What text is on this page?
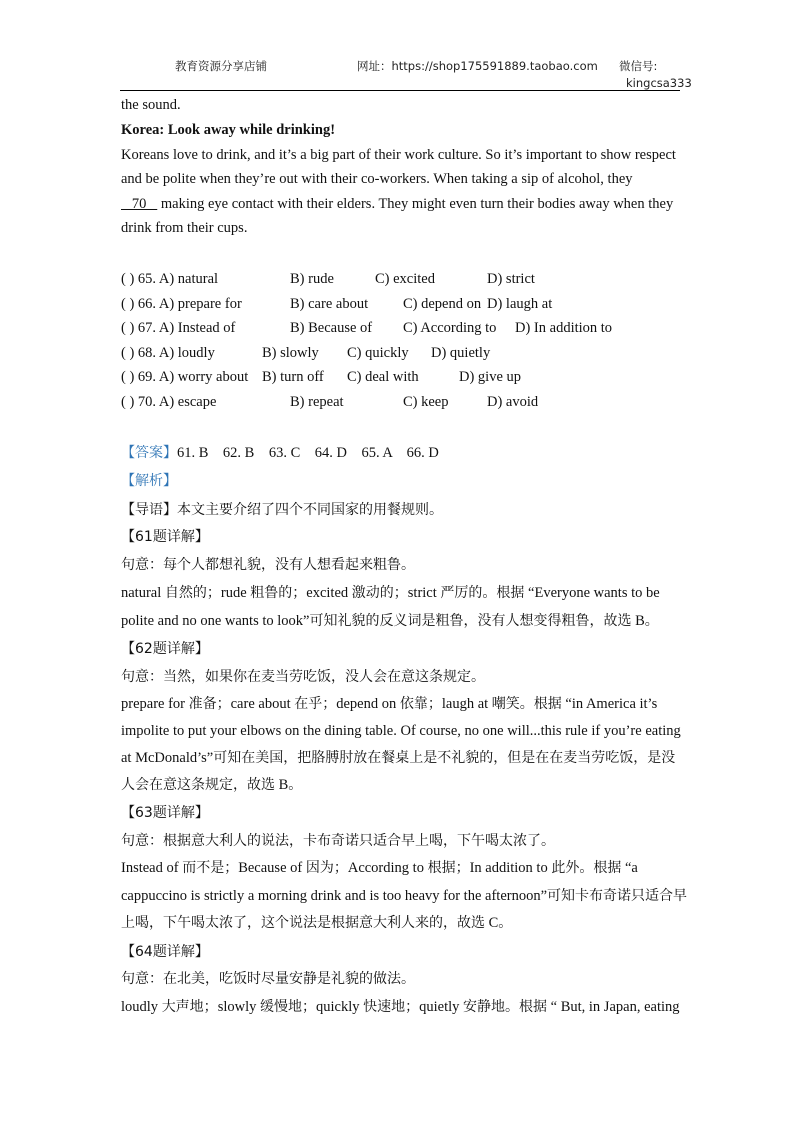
教育资源分享店铺	网址：https://shop175591889.taobao.com 微信号:
kingcsa333
the sound.
Korea: Look away while drinking!
Koreans love to drink, and it’s a big part of their work culture. So it’s important to show respect
and be polite when they’re out with their co-workers. When taking a sip of alcohol, they
70    making eye contact with their elders. They might even turn their bodies away when they
drink from their cups.
( ) 65. A) natural	B) rude	C) excited	D) strict
( ) 66. A) prepare for	B) care about C) depend on D) laugh at
( ) 67. A) Instead of	B) Because of C) According to D) In addition to
( ) 68. A) loudly	B) slowly C) quickly D) quietly
( ) 69. A) worry about B) turn off C) deal with	D) give up
( ) 70. A) escape	B) repeat	C) keep	D) avoid
【答案】61. B    62. B    63. C    64. D    65. A    66. D
【解析】
【导语】本文主要介绍了四个不同国家的用餐规则。
【61题详解】
句意：每个人都想礼貌，没有人想看起来粗鲁。
natural 自然的；rude 粗鲁的；excited 激动的；strict 严厉的。根据 “Everyone wants to be
polite and no one wants to look”可知礼貌的反义词是粗鲁，没有人想变得粗鲁，故选 B。
【62题详解】
句意：当然，如果你在麦当劳吃饭，没人会在意这条规定。
prepare for 准备；care about 在乎；depend on 依靠；laugh at 嘲笑。根据 “in America it’s
impolite to put your elbows on the dining table. Of course, no one will...this rule if you’re eating
at McDonald’s”可知在美国，把胳膊肘放在餐桌上是不礼貌的，但是在在麦当劳吃饭，是没
人会在意这条规定，故选 B。
【63题详解】
句意：根据意大利人的说法，卡布奇诺只适合早上喝，下午喝太浓了。
Instead of 而不是；Because of 因为；According to 根据；In addition to 此外。根据 “a
cappuccino is strictly a morning drink and is too heavy for the afternoon”可知卡布奇诺只适合早
上喝，下午喝太浓了，这个说法是根据意大利人来的，故选 C。
【64题详解】
句意：在北美，吃饭时尽量安静是礼貌的做法。
loudly 大声地；slowly 缓慢地；quickly 快速地；quietly 安静地。根据 “ But, in Japan, eating
